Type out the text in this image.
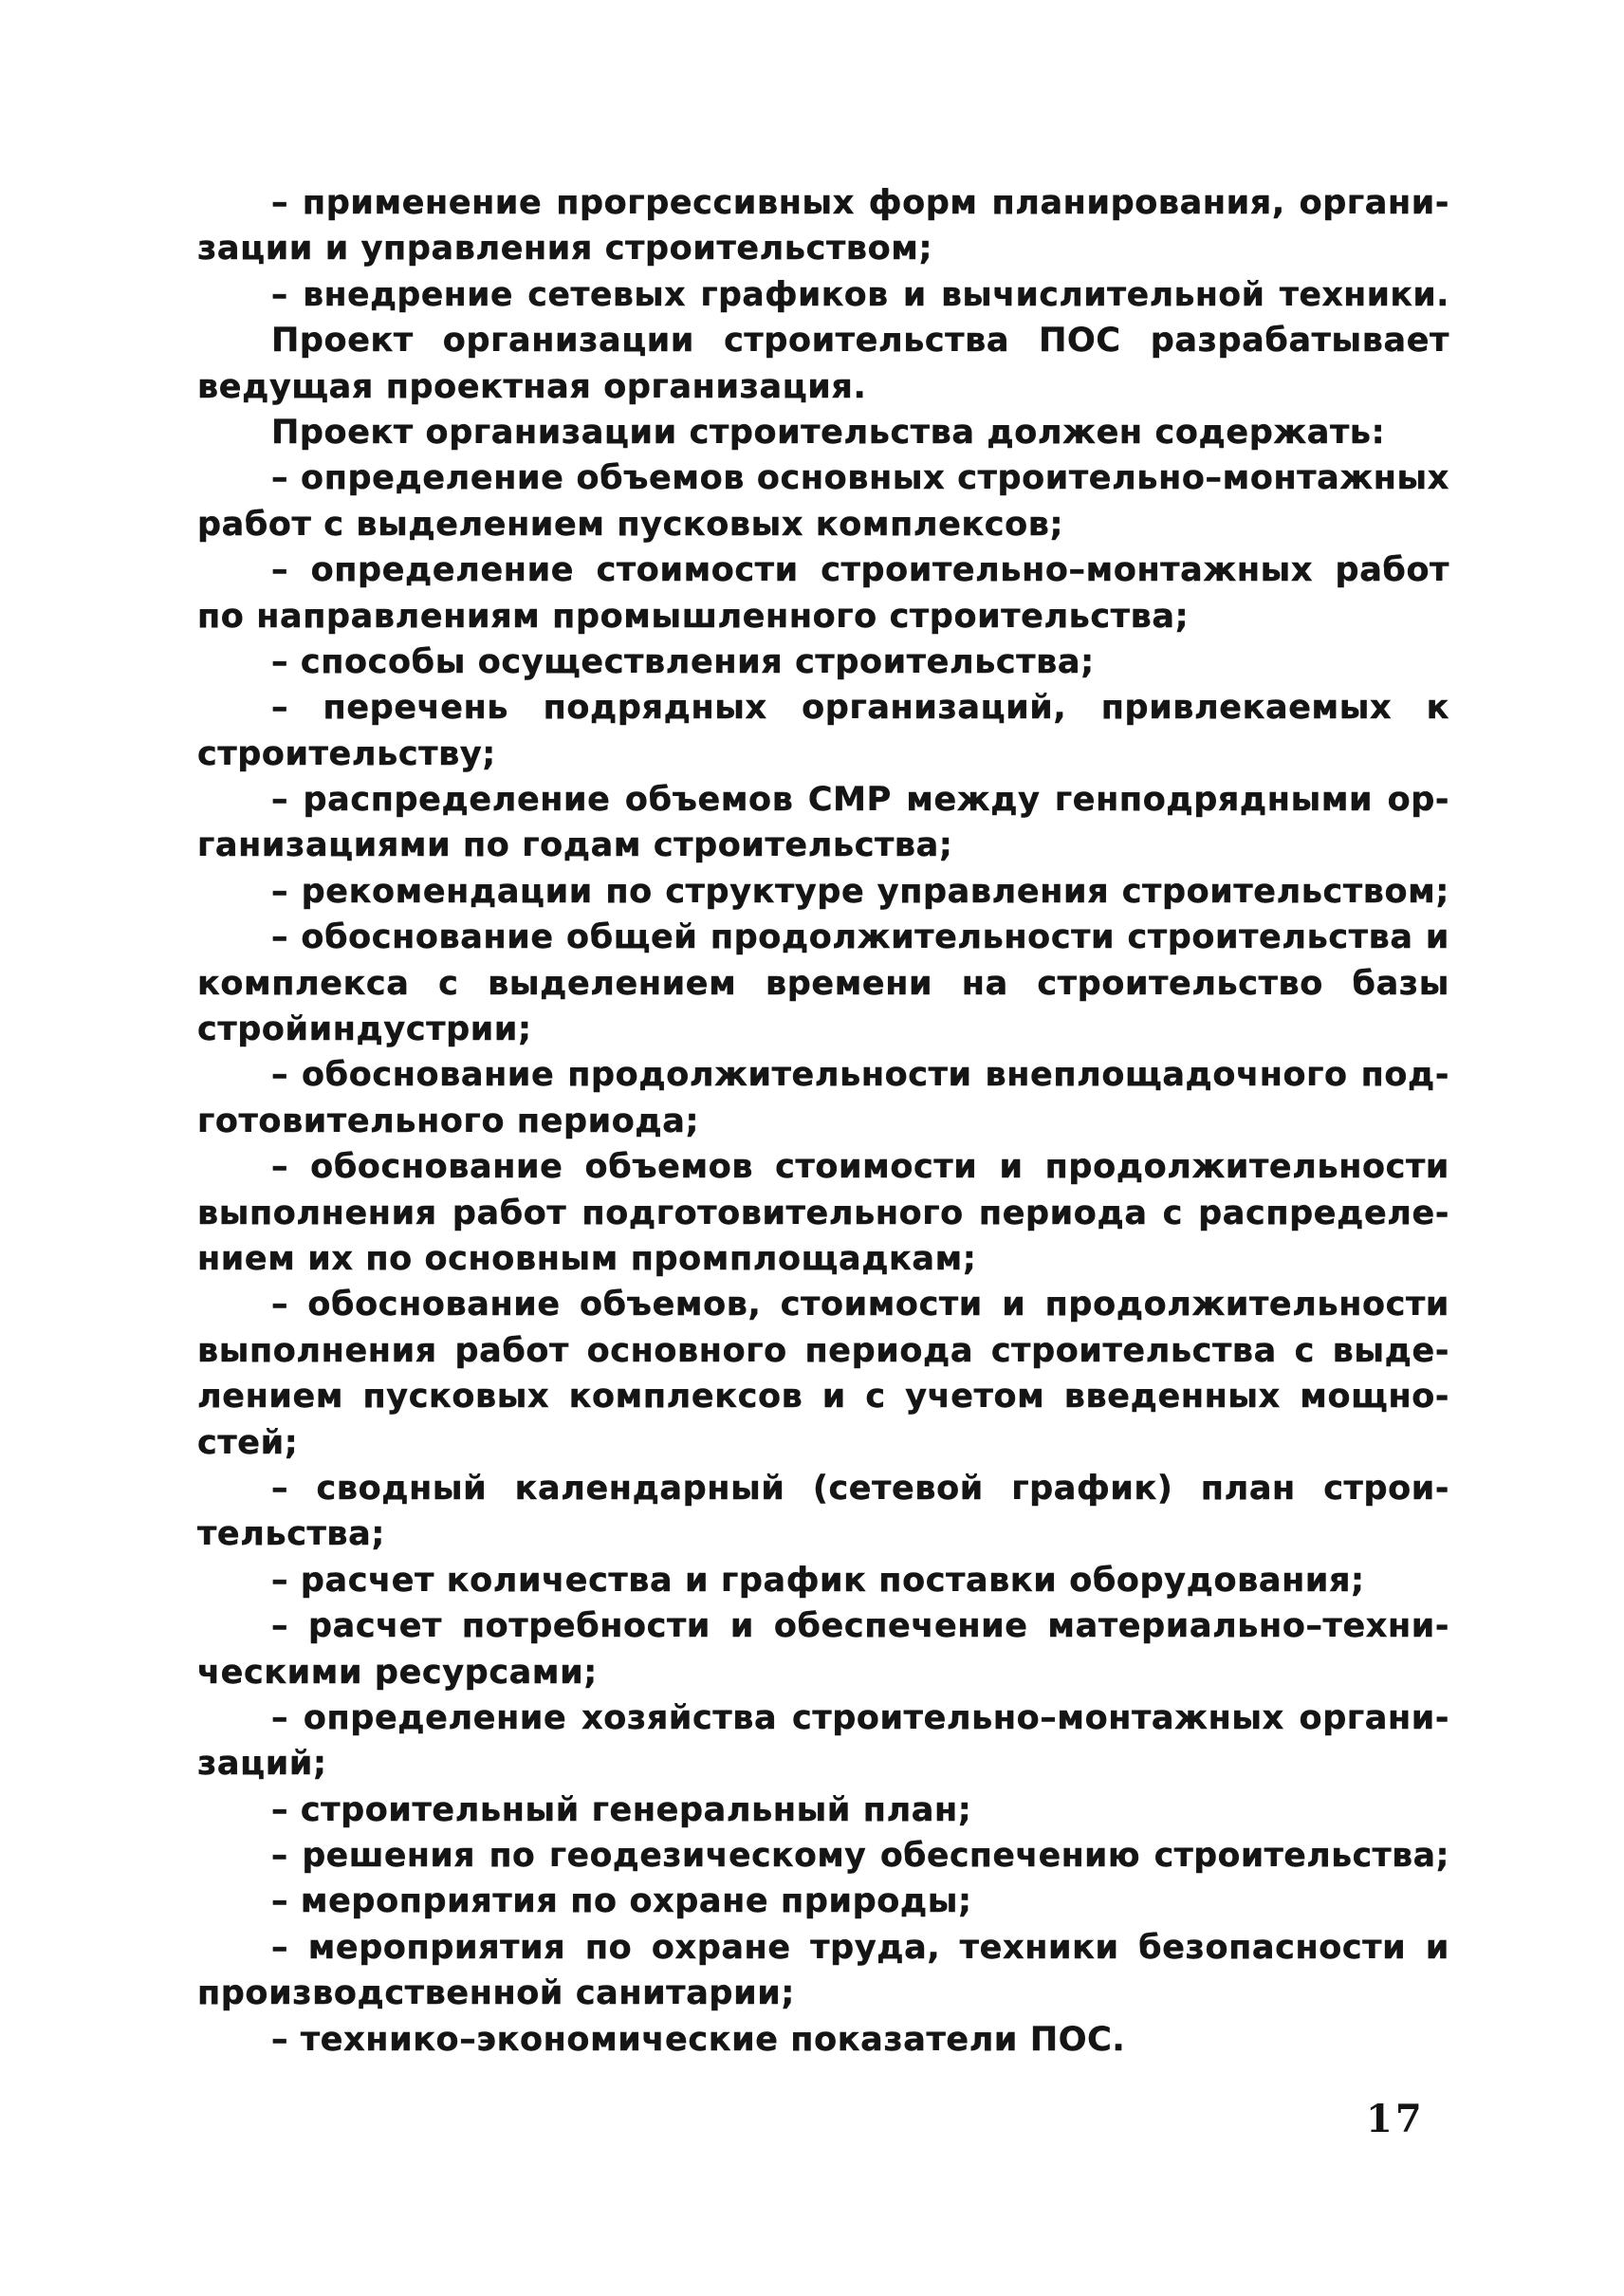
– применение прогрессивных форм планирования, органи-
зации и управления строительством;
– внедрение сетевых графиков и вычислительной техники.
Проект организации строительства ПОС разрабатывает
ведущая проектная организация.
Проект организации строительства должен содержать:
– определение объемов основных строительно–монтажных
работ с выделением пусковых комплексов;
– определение стоимости строительно–монтажных работ
по направлениям промышленного строительства;
– способы осуществления строительства;
– перечень подрядных организаций, привлекаемых к
строительству;
– распределение объемов СМР между генподрядными ор-
ганизациями по годам строительства;
– рекомендации по структуре управления строительством;
– обоснование общей продолжительности строительства и
комплекса с выделением времени на строительство базы
стройиндустрии;
– обоснование продолжительности внеплощадочного под-
готовительного периода;
– обоснование объемов стоимости и продолжительности
выполнения работ подготовительного периода с распределе-
нием их по основным промплощадкам;
– обоснование объемов, стоимости и продолжительности
выполнения работ основного периода строительства с выде-
лением пусковых комплексов и с учетом введенных мощно-
стей;
– сводный календарный (сетевой график) план строи-
тельства;
– расчет количества и график поставки оборудования;
– расчет потребности и обеспечение материально–техни-
ческими ресурсами;
– определение хозяйства строительно–монтажных органи-
заций;
– строительный генеральный план;
– решения по геодезическому обеспечению строительства;
– мероприятия по охране природы;
– мероприятия по охране труда, техники безопасности и
производственной санитарии;
– технико–экономические показатели ПОС.
17
